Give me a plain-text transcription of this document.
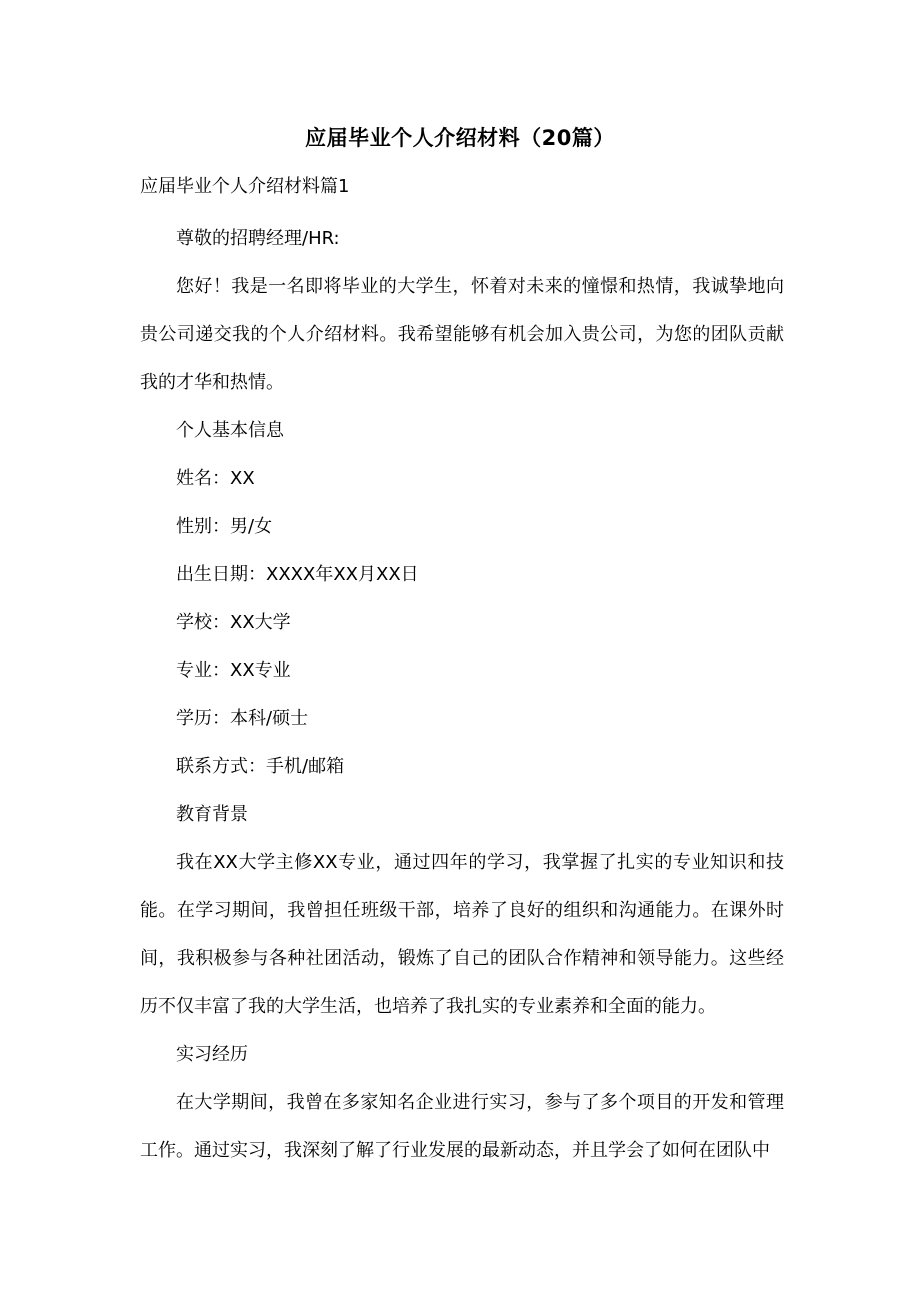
应届毕业个人介绍材料（20篇）
应届毕业个人介绍材料篇1

尊敬的招聘经理/HR:

您好！我是一名即将毕业的大学生，怀着对未来的憧憬和热情，我诚挚地向贵公司递交我的个人介绍材料。我希望能够有机会加入贵公司，为您的团队贡献我的才华和热情。

个人基本信息

姓名：XX

性别：男/女

出生日期：XXXX年XX月XX日

学校：XX大学

专业：XX专业

学历：本科/硕士

联系方式：手机/邮箱

教育背景

我在XX大学主修XX专业，通过四年的学习，我掌握了扎实的专业知识和技能。在学习期间，我曾担任班级干部，培养了良好的组织和沟通能力。在课外时间，我积极参与各种社团活动，锻炼了自己的团队合作精神和领导能力。这些经历不仅丰富了我的大学生活，也培养了我扎实的专业素养和全面的能力。

实习经历

在大学期间，我曾在多家知名企业进行实习，参与了多个项目的开发和管理工作。通过实习，我深刻了解了行业发展的最新动态，并且学会了如何在团队中
